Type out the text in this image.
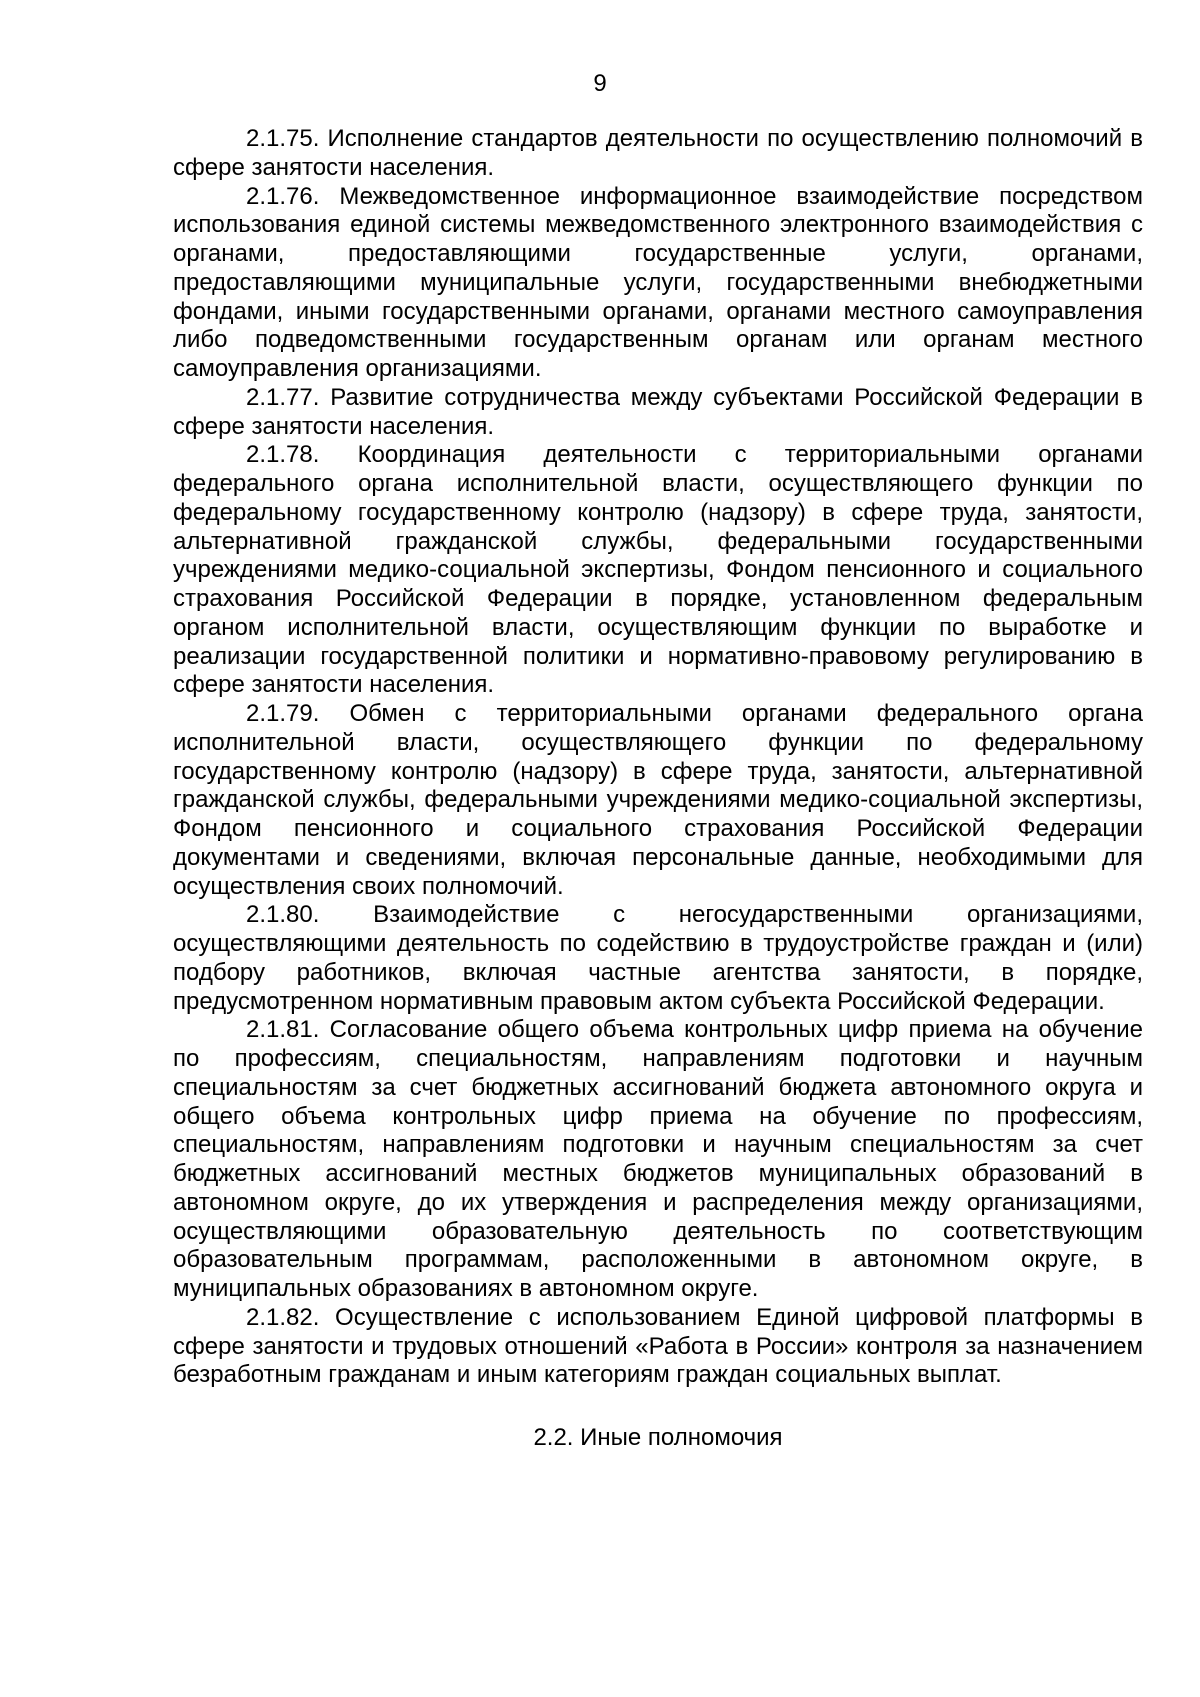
9

2.1.75. Исполнение стандартов деятельности по осуществлению полномочий в сфере занятости населения.

2.1.76. Межведомственное информационное взаимодействие посредством использования единой системы межведомственного электронного взаимодействия с органами, предоставляющими государственные услуги, органами, предоставляющими муниципальные услуги, государственными внебюджетными фондами, иными государственными органами, органами местного самоуправления либо подведомственными государственным органам или органам местного самоуправления организациями.

2.1.77. Развитие сотрудничества между субъектами Российской Федерации в сфере занятости населения.

2.1.78. Координация деятельности с территориальными органами федерального органа исполнительной власти, осуществляющего функции по федеральному государственному контролю (надзору) в сфере труда, занятости, альтернативной гражданской службы, федеральными государственными учреждениями медико-социальной экспертизы, Фондом пенсионного и социального страхования Российской Федерации в порядке, установленном федеральным органом исполнительной власти, осуществляющим функции по выработке и реализации государственной политики и нормативно-правовому регулированию в сфере занятости населения.

2.1.79. Обмен с территориальными органами федерального органа исполнительной власти, осуществляющего функции по федеральному государственному контролю (надзору) в сфере труда, занятости, альтернативной гражданской службы, федеральными учреждениями медико-социальной экспертизы, Фондом пенсионного и социального страхования Российской Федерации документами и сведениями, включая персональные данные, необходимыми для осуществления своих полномочий.

2.1.80. Взаимодействие с негосударственными организациями, осуществляющими деятельность по содействию в трудоустройстве граждан и (или) подбору работников, включая частные агентства занятости, в порядке, предусмотренном нормативным правовым актом субъекта Российской Федерации.

2.1.81. Согласование общего объема контрольных цифр приема на обучение по профессиям, специальностям, направлениям подготовки и научным специальностям за счет бюджетных ассигнований бюджета автономного округа и общего объема контрольных цифр приема на обучение по профессиям, специальностям, направлениям подготовки и научным специальностям за счет бюджетных ассигнований местных бюджетов муниципальных образований в автономном округе, до их утверждения и распределения между организациями, осуществляющими образовательную деятельность по соответствующим образовательным программам, расположенными в автономном округе, в муниципальных образованиях в автономном округе.

2.1.82. Осуществление с использованием Единой цифровой платформы в сфере занятости и трудовых отношений «Работа в России» контроля за назначением безработным гражданам и иным категориям граждан социальных выплат.

2.2. Иные полномочия
